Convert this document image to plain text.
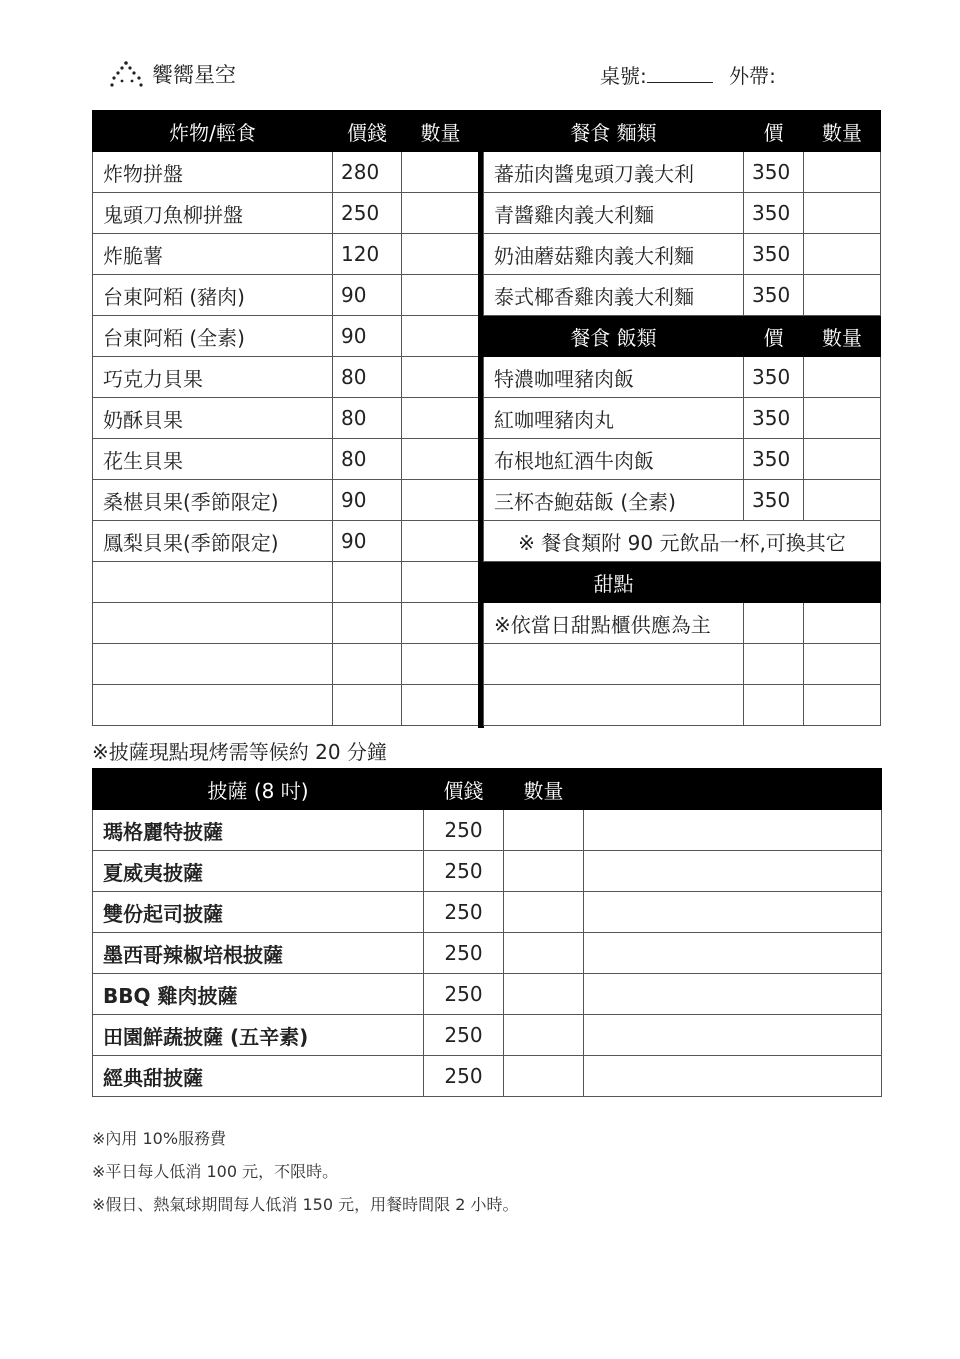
饗嚮星空	桌號:	外帶:
炸物/輕食	價錢	數量
炸物拼盤	280	
鬼頭刀魚柳拼盤	250	
炸脆薯	120	
台東阿粨 (豬肉)	90	
台東阿粨 (全素)	90	
巧克力貝果	80	
奶酥貝果	80	
花生貝果	80	
桑椹貝果(季節限定)	90	
鳳梨貝果(季節限定)	90	

餐食 麵類	價	數量
蕃茄肉醬鬼頭刀義大利	350	
青醬雞肉義大利麵	350	
奶油蘑菇雞肉義大利麵	350	
泰式椰香雞肉義大利麵	350	
餐食 飯類	價	數量
特濃咖哩豬肉飯	350	
紅咖哩豬肉丸	350	
布根地紅酒牛肉飯	350	
三杯杏鮑菇飯 (全素)	350	
※ 餐食類附 90 元飲品一杯,可換其它		
甜點		
※依當日甜點櫃供應為主		

※披薩現點現烤需等候約 20 分鐘
披薩 (8 吋)	價錢	數量			
瑪格麗特披薩	250				
夏威夷披薩	250				
雙份起司披薩	250				
墨西哥辣椒培根披薩	250				
BBQ 雞肉披薩	250				
田園鮮蔬披薩 (五辛素)	250				
經典甜披薩	250				
※內用 10%服務費
※平日每人低消 100 元，不限時。
※假日、熱氣球期間每人低消 150 元，用餐時間限 2 小時。
